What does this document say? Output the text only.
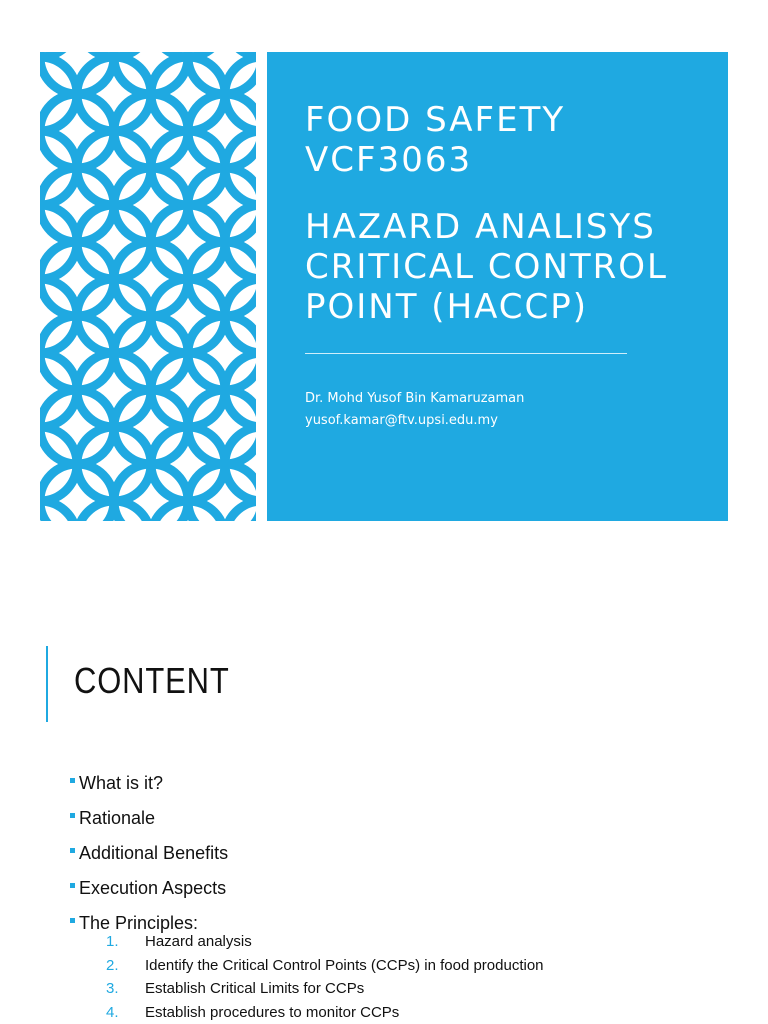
FOOD SAFETY
VCF3063
HAZARD ANALISYS
CRITICAL CONTROL
POINT (HACCP)
Dr. Mohd Yusof Bin Kamaruzaman
yusof.kamar@ftv.upsi.edu.my
CONTENT
What is it?
Rationale
Additional Benefits
Execution Aspects
The Principles:
1.	Hazard analysis
2.	Identify the Critical Control Points (CCPs) in food production
3.	Establish Critical Limits for CCPs
4.	Establish procedures to monitor CCPs
